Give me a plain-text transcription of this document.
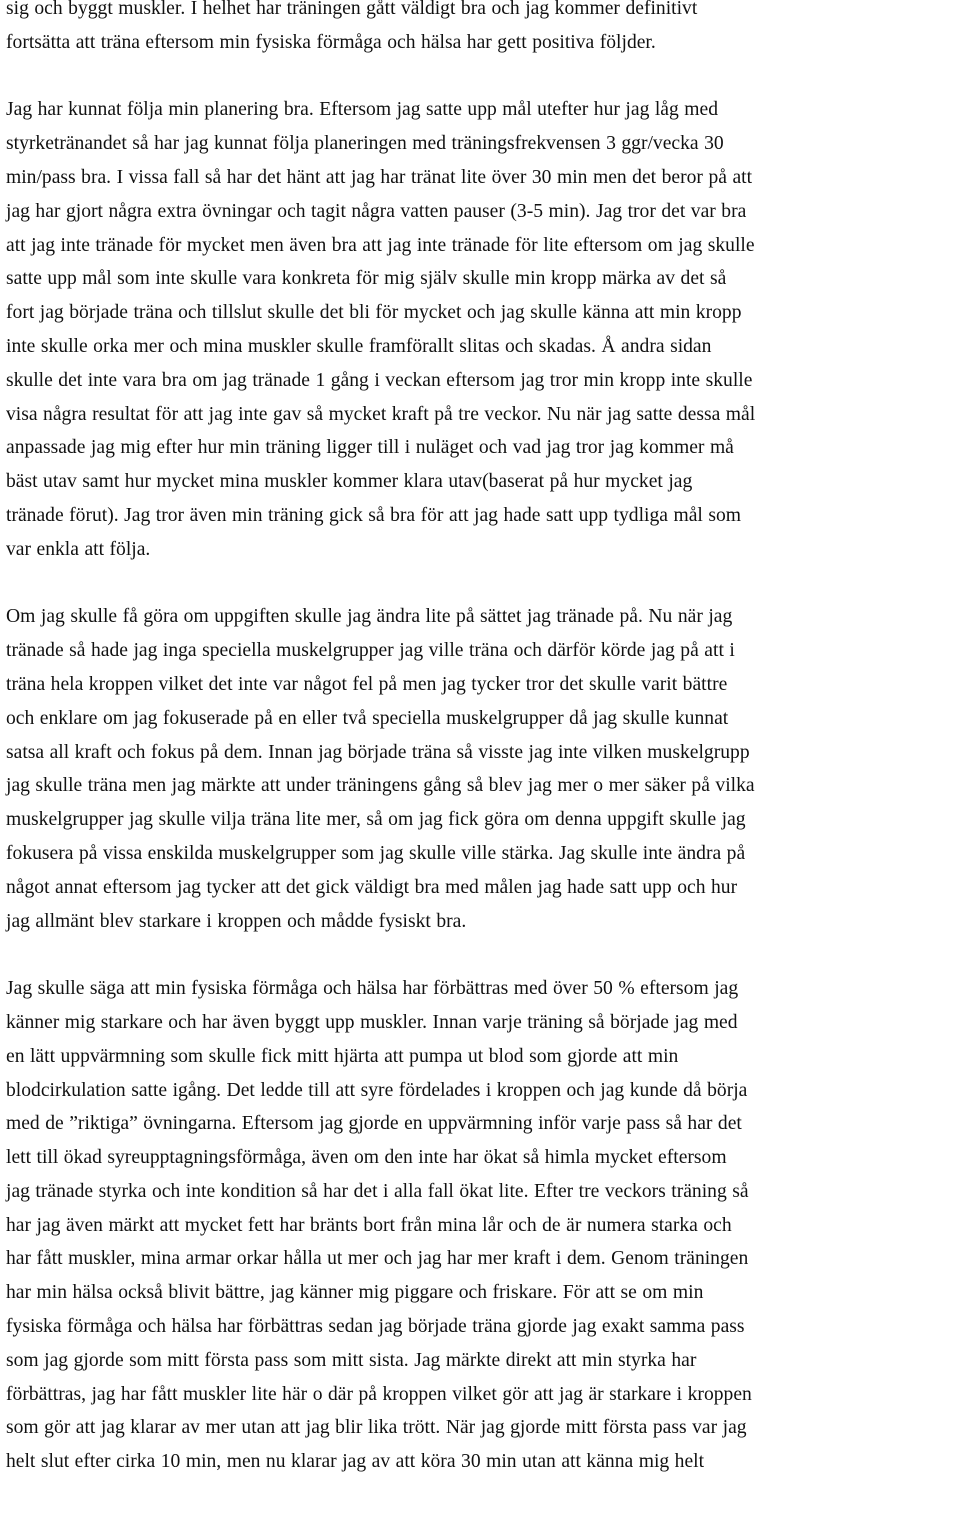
sig och byggt muskler. I helhet har träningen gått väldigt bra och jag kommer definitivt
fortsätta att träna eftersom min fysiska förmåga och hälsa har gett positiva följder.

Jag har kunnat följa min planering bra. Eftersom jag satte upp mål utefter hur jag låg med
styrketränandet så har jag kunnat följa planeringen med träningsfrekvensen 3 ggr/vecka 30
min/pass bra. I vissa fall så har det hänt att jag har tränat lite över 30 min men det beror på att
jag har gjort några extra övningar och tagit några vatten pauser (3-5 min). Jag tror det var bra
att jag inte tränade för mycket men även bra att jag inte tränade för lite eftersom om jag skulle
satte upp mål som inte skulle vara konkreta för mig själv skulle min kropp märka av det så
fort jag började träna och tillslut skulle det bli för mycket och jag skulle känna att min kropp
inte skulle orka mer och mina muskler skulle framförallt slitas och skadas. Å andra sidan
skulle det inte vara bra om jag tränade 1 gång i veckan eftersom jag tror min kropp inte skulle
visa några resultat för att jag inte gav så mycket kraft på tre veckor. Nu när jag satte dessa mål
anpassade jag mig efter hur min träning ligger till i nuläget och vad jag tror jag kommer må
bäst utav samt hur mycket mina muskler kommer klara utav(baserat på hur mycket jag
tränade förut). Jag tror även min träning gick så bra för att jag hade satt upp tydliga mål som
var enkla att följa.

Om jag skulle få göra om uppgiften skulle jag ändra lite på sättet jag tränade på. Nu när jag
tränade så hade jag inga speciella muskelgrupper jag ville träna och därför körde jag på att i
träna hela kroppen vilket det inte var något fel på men jag tycker tror det skulle varit bättre
och enklare om jag fokuserade på en eller två speciella muskelgrupper då jag skulle kunnat
satsa all kraft och fokus på dem. Innan jag började träna så visste jag inte vilken muskelgrupp
jag skulle träna men jag märkte att under träningens gång så blev jag mer o mer säker på vilka
muskelgrupper jag skulle vilja träna lite mer, så om jag fick göra om denna uppgift skulle jag
fokusera på vissa enskilda muskelgrupper som jag skulle ville stärka. Jag skulle inte ändra på
något annat eftersom jag tycker att det gick väldigt bra med målen jag hade satt upp och hur
jag allmänt blev starkare i kroppen och mådde fysiskt bra.

Jag skulle säga att min fysiska förmåga och hälsa har förbättras med över 50 % eftersom jag
känner mig starkare och har även byggt upp muskler. Innan varje träning så började jag med
en lätt uppvärmning som skulle fick mitt hjärta att pumpa ut blod som gjorde att min
blodcirkulation satte igång. Det ledde till att syre fördelades i kroppen och jag kunde då börja
med de ”riktiga” övningarna. Eftersom jag gjorde en uppvärmning inför varje pass så har det
lett till ökad syreupptagningsförmåga, även om den inte har ökat så himla mycket eftersom
jag tränade styrka och inte kondition så har det i alla fall ökat lite. Efter tre veckors träning så
har jag även märkt att mycket fett har bränts bort från mina lår och de är numera starka och
har fått muskler, mina armar orkar hålla ut mer och jag har mer kraft i dem. Genom träningen
har min hälsa också blivit bättre, jag känner mig piggare och friskare. För att se om min
fysiska förmåga och hälsa har förbättras sedan jag började träna gjorde jag exakt samma pass
som jag gjorde som mitt första pass som mitt sista. Jag märkte direkt att min styrka har
förbättras, jag har fått muskler lite här o där på kroppen vilket gör att jag är starkare i kroppen
som gör att jag klarar av mer utan att jag blir lika trött. När jag gjorde mitt första pass var jag
helt slut efter cirka 10 min, men nu klarar jag av att köra 30 min utan att känna mig helt
